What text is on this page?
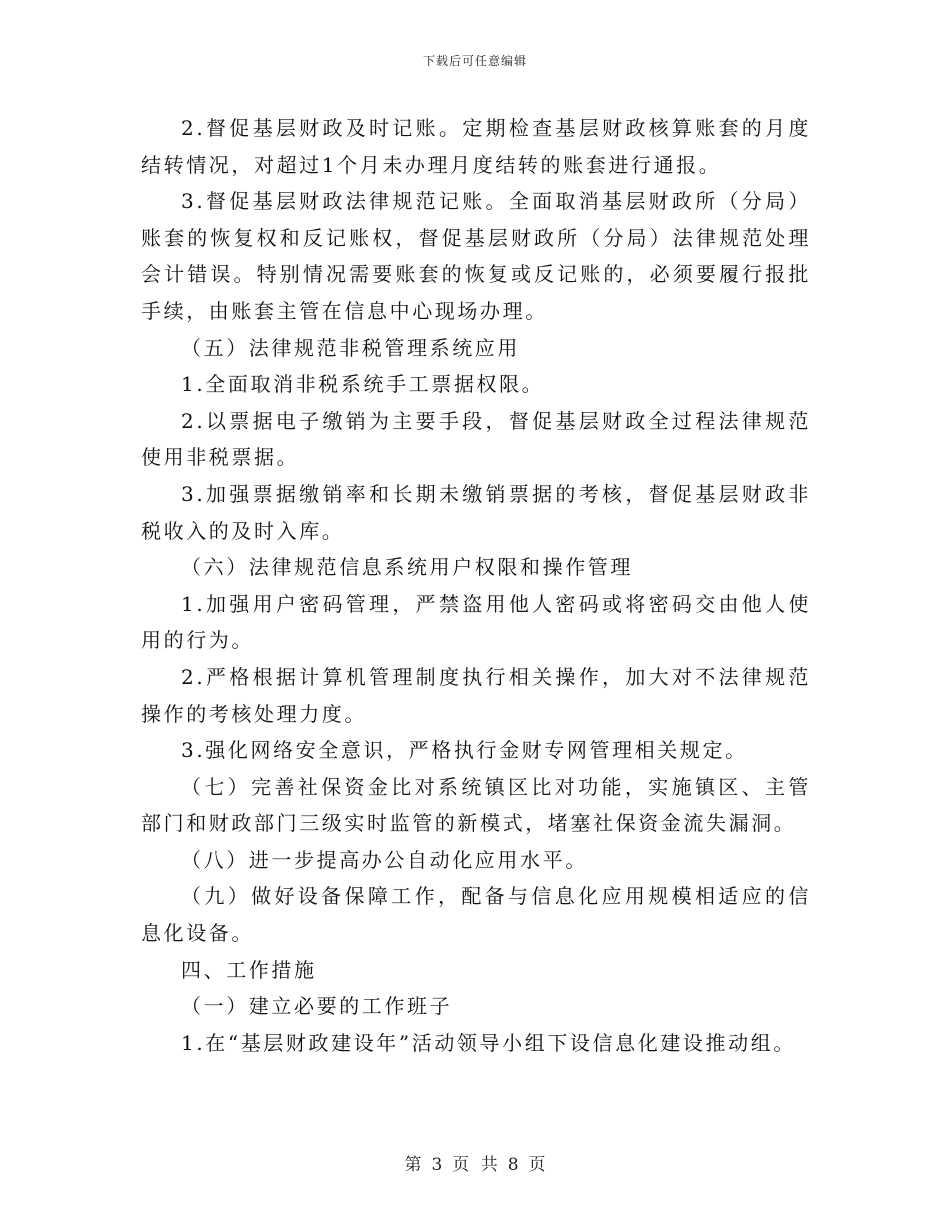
下载后可任意编辑

2.督促基层财政及时记账。定期检查基层财政核算账套的月度结转情况，对超过1个月未办理月度结转的账套进行通报。

3.督促基层财政法律规范记账。全面取消基层财政所（分局）账套的恢复权和反记账权，督促基层财政所（分局）法律规范处理会计错误。特别情况需要账套的恢复或反记账的，必须要履行报批手续，由账套主管在信息中心现场办理。

（五）法律规范非税管理系统应用

1.全面取消非税系统手工票据权限。

2.以票据电子缴销为主要手段，督促基层财政全过程法律规范使用非税票据。

3.加强票据缴销率和长期未缴销票据的考核，督促基层财政非税收入的及时入库。

（六）法律规范信息系统用户权限和操作管理

1.加强用户密码管理，严禁盗用他人密码或将密码交由他人使用的行为。

2.严格根据计算机管理制度执行相关操作，加大对不法律规范操作的考核处理力度。

3.强化网络安全意识，严格执行金财专网管理相关规定。

（七）完善社保资金比对系统镇区比对功能，实施镇区、主管部门和财政部门三级实时监管的新模式，堵塞社保资金流失漏洞。

（八）进一步提高办公自动化应用水平。

（九）做好设备保障工作，配备与信息化应用规模相适应的信息化设备。

四、工作措施

（一）建立必要的工作班子

1.在“基层财政建设年”活动领导小组下设信息化建设推动组。

第 3 页 共 8 页
